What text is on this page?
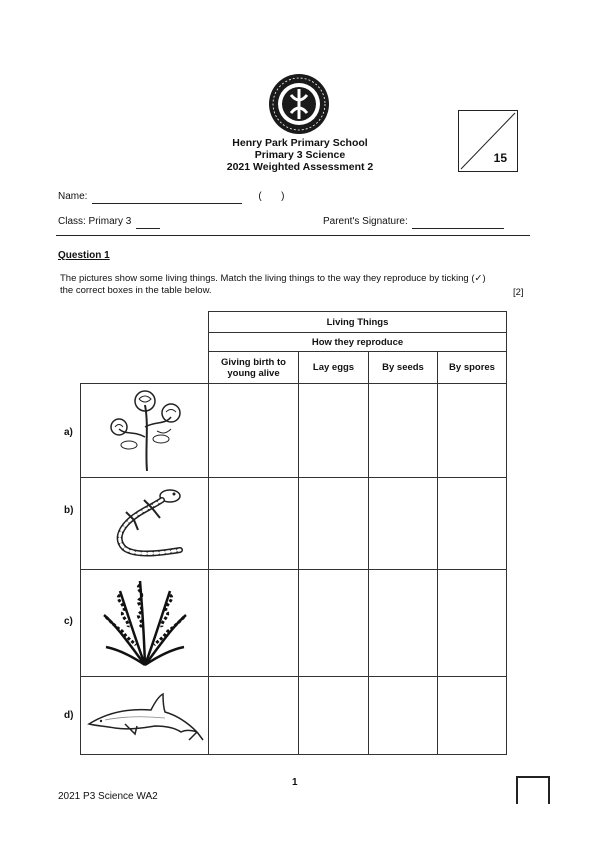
Henry Park Primary School
Primary 3 Science
2021 Weighted Assessment 2
15
Name:	(       )
Class: Primary 3	Parent's Signature:
Question 1
The pictures show some living things. Match the living things to the way they reproduce by ticking (✓) the correct boxes in the table below.	[2]
	Living Things			
	How they reproduce			
	Giving birth to young alive	Lay eggs	By seeds	By spores

a)
b)
c)
d)
1
2021 P3 Science WA2
